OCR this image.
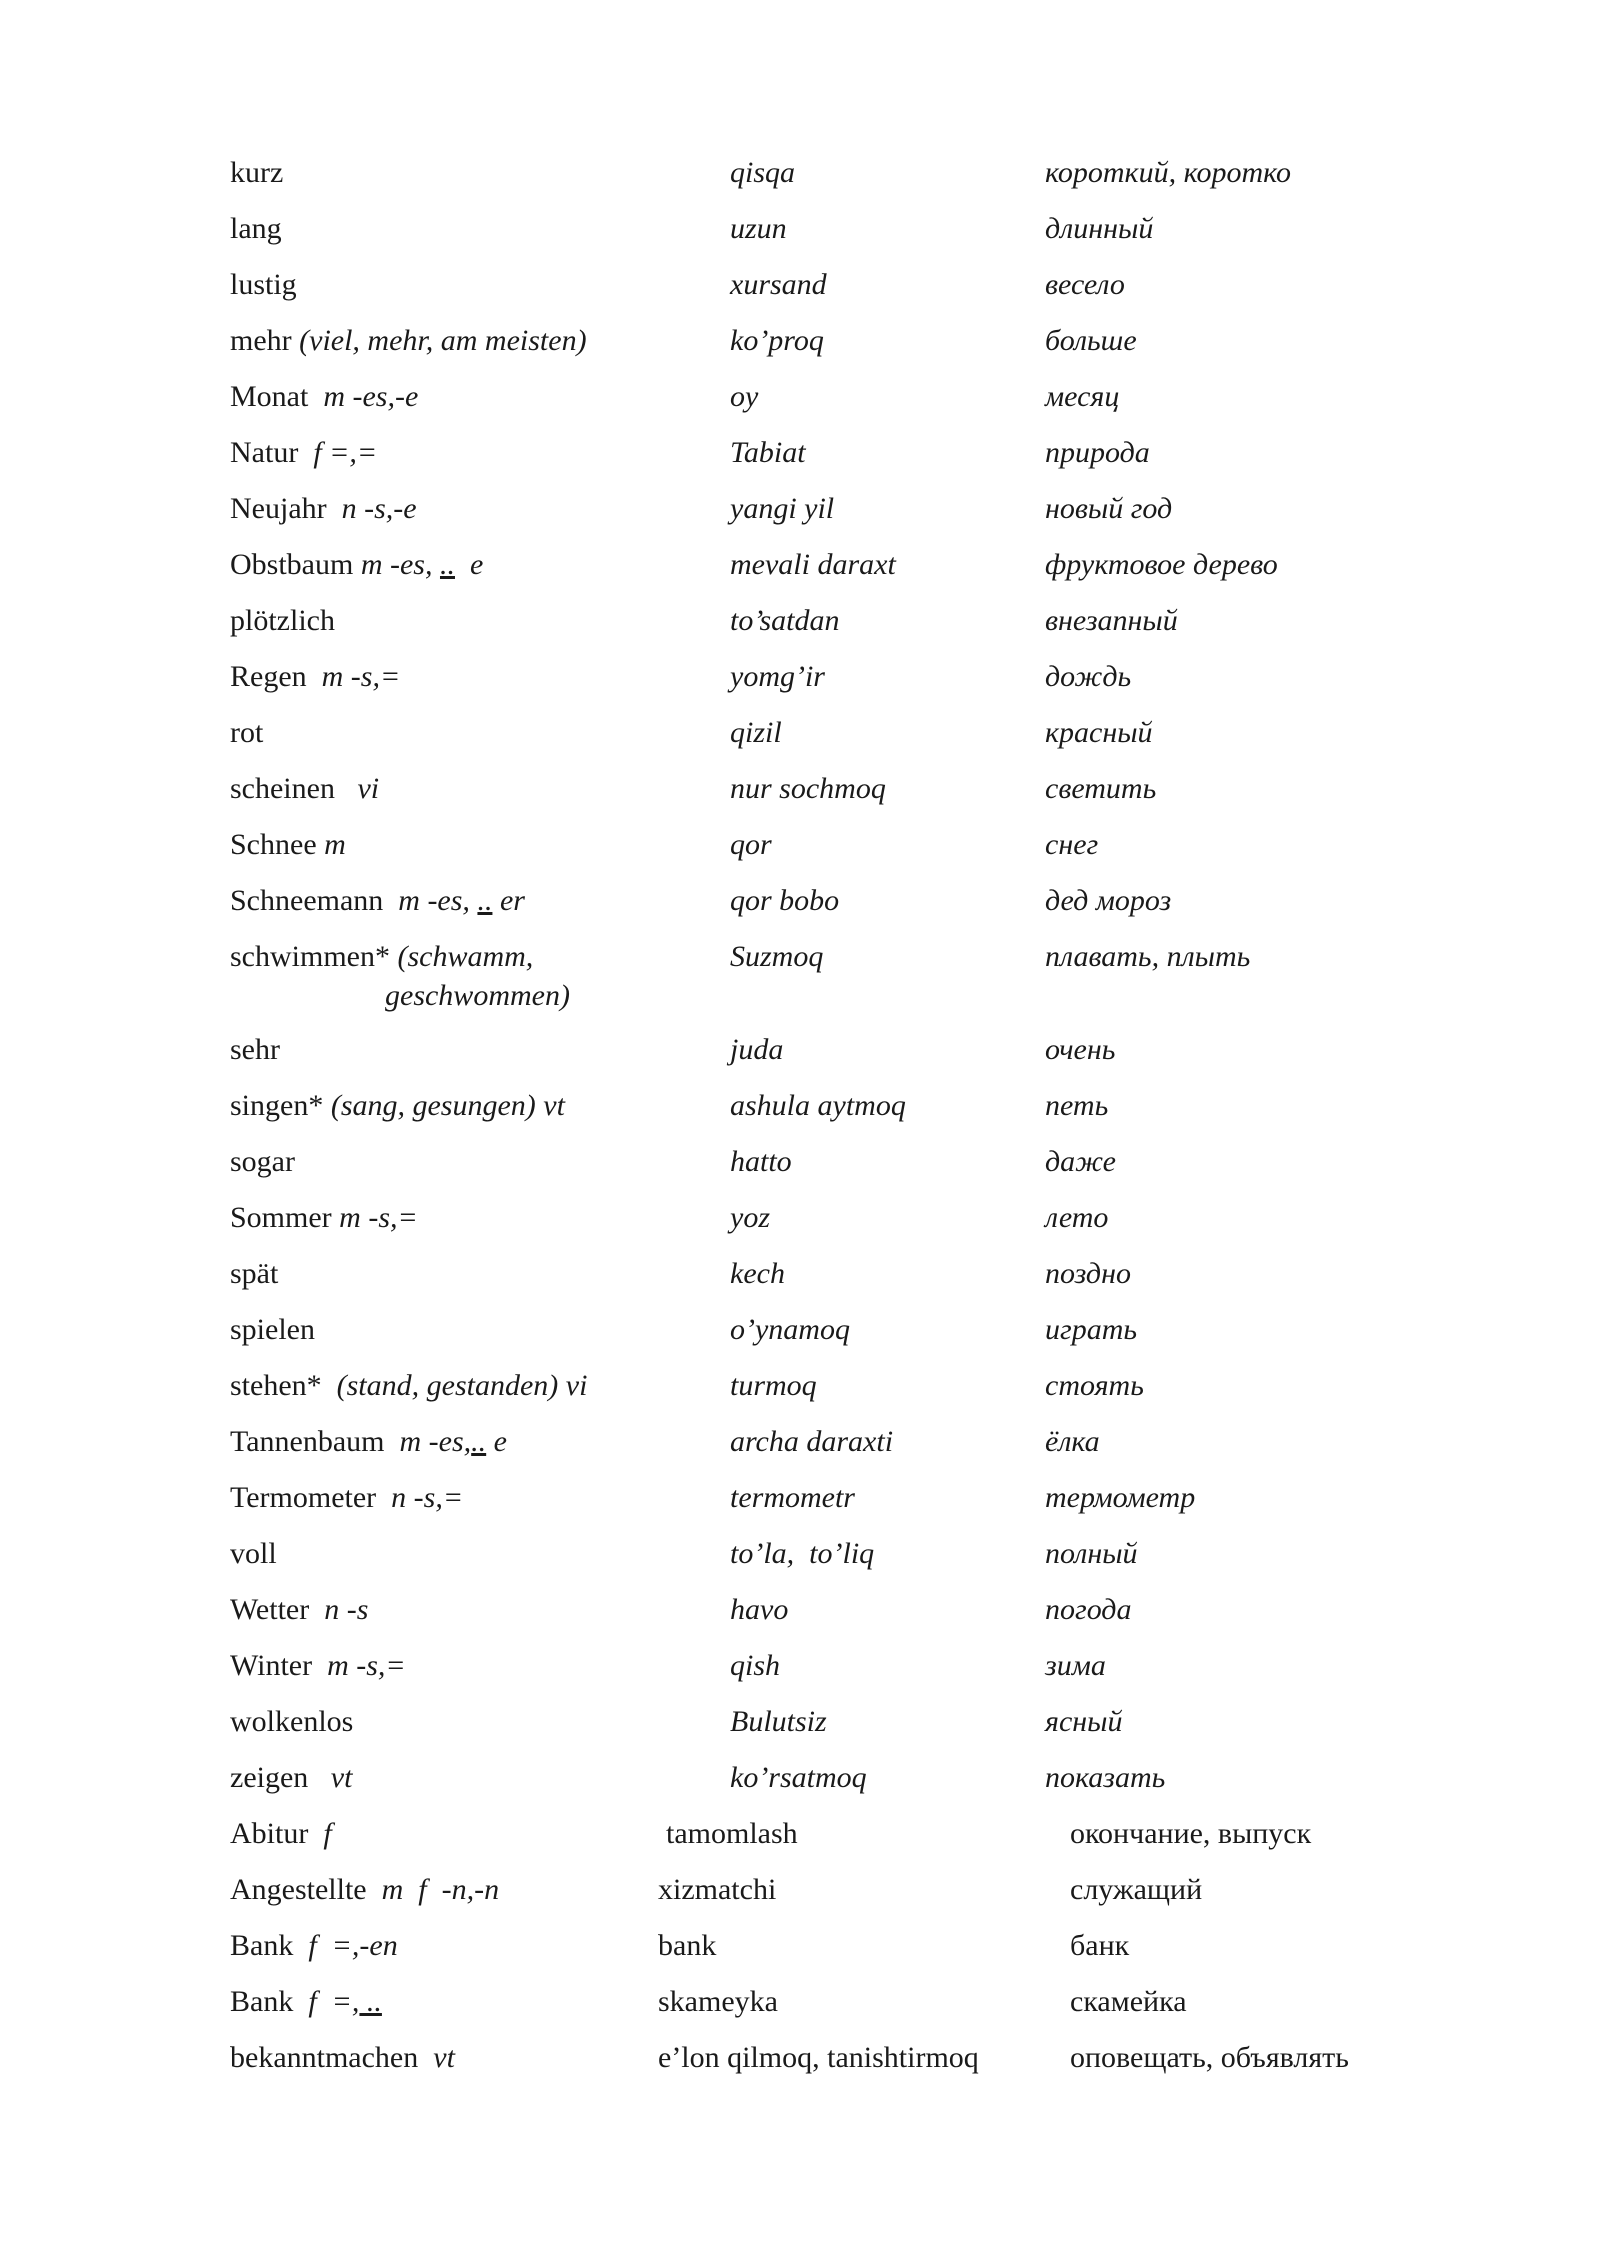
kurz	qisqa	короткий, коротко
lang	uzun	длинный
lustig	xursand	весело
mehr (viel, mehr, am meisten)	ko’proq	больше
Monat m -es,-e	oy	месяц
Natur f =,=	Tabiat	природа
Neujahr n -s,-e	yangi yil	новый год
Obstbaum m -es, .. e	mevali daraxt	фруктовое дерево
plötzlich	to’satdan	внезапный
Regen m -s,=	yomg’ir	дождь
rot	qizil	красный
scheinen vi	nur sochmoq	светить
Schnee m	qor	снег
Schneemann m -es, .. er	qor bobo	дед мороз
schwimmen* (schwamm,
geschwommen)
Suzmoq	плавать, плыть
sehr	juda	очень
singen* (sang, gesungen) vt	ashula aytmoq	петь
sogar	hatto	даже
Sommer m -s,=	yoz	лето
spät	kech	поздно
spielen	o’ynamoq	играть
stehen* (stand, gestanden) vi	turmoq	стоять
Tannenbaum m -es,.. e	archa daraxti	ёлка
Termometer n -s,=	termometr	термометр
voll	to’la,  to’liq	полный
Wetter n -s	havo	погода
Winter m -s,=	qish	зима
wolkenlos	Bulutsiz	ясный
zeigen vt	ko’rsatmoq	показать
Abitur f	tamomlash	окончание, выпуск
Angestellte m  f  -n,-n	xizmatchi	служащий
Bank f  =,-en	bank	банк
Bank f  =, ..	skameyka	скамейка
bekanntmachen vt	e’lon qilmoq, tanishtirmoq	оповещать, объявлять
